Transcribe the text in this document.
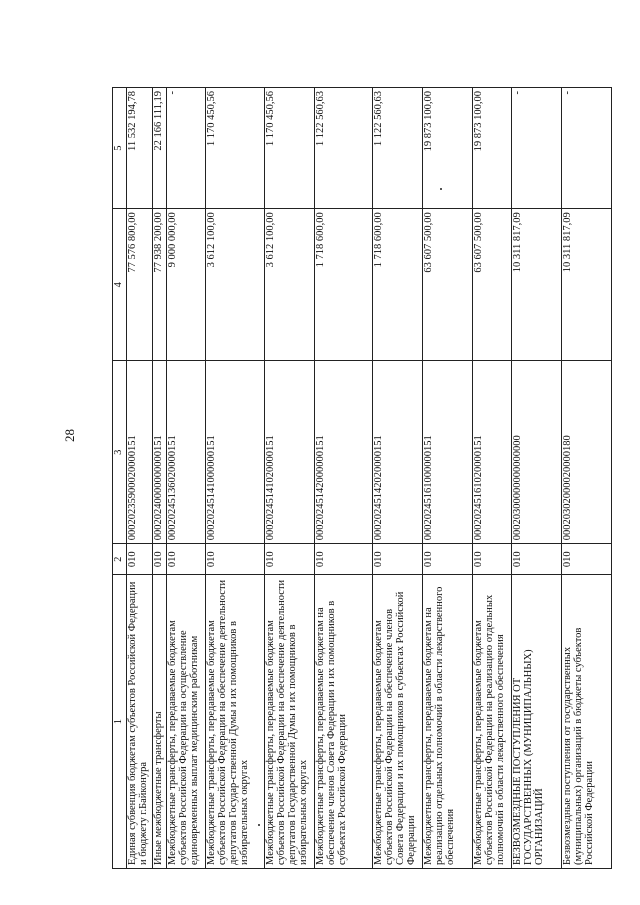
28
1	2	3	4	5
Единая субвенция бюджетам субъектов Российской Федерации и бюджету г.Байконура	010	00020235900020000151	77 576 800,00	11 532 194,78
Иные межбюджетные трансферты	010	00020240000000000151	77 938 200,00	22 166 111,19
Межбюджетные трансферты, передаваемые бюджетам субъектов Российской Федерации на осуществление единовременных выплат медицинским работникам	010	00020245136020000151	9 000 000,00	-
Межбюджетные трансферты, передаваемые бюджетам субъектов Российской Федерации на обеспечение деятельности депутатов Государ-ственной Думы и их помощников в избирательных округах	010	00020245141000000151	3 612 100,00	1 170 450,56
Межбюджетные трансферты, передаваемые бюджетам субъектов Российской Федерации на обеспечение деятельности депутатов Государственной Думы и их помощников в избирательных округах	010	00020245141020000151	3 612 100,00	1 170 450,56
Межбюджетные трансферты, передаваемые бюджетам на обеспечение членов Совета Федерации и их помощников в субъектах Российской Федерации	010	00020245142000000151	1 718 600,00	1 122 560,63
Межбюджетные трансферты, передаваемые бюджетам субъектов Российской Федерации на обеспечение членов Совета Федерации и их помощников в субъектах Российской Федерации	010	00020245142020000151	1 718 600,00	1 122 560,63
Межбюджетные трансферты, передаваемые бюджетам на реализацию отдельных полномочий в области лекарственного обеспечения	010	00020245161000000151	63 607 500,00	19 873 100,00
Межбюджетные трансферты, передаваемые бюджетам субъектов Российской Федерации на реализацию отдельных полномочий в области лекарственного обеспечения	010	00020245161020000151	63 607 500,00	19 873 100,00
БЕЗВОЗМЕЗДНЫЕ ПОСТУПЛЕНИЯ ОТ ГОСУДАРСТВЕННЫХ (МУНИЦИПАЛЬНЫХ) ОРГАНИЗАЦИЙ	010	00020300000000000000	10 311 817,09	-
Безвозмездные поступления от государственных (муниципальных) организаций в бюджеты субъектов Российской Федерации	010	00020302000020000180	10 311 817,09	-
